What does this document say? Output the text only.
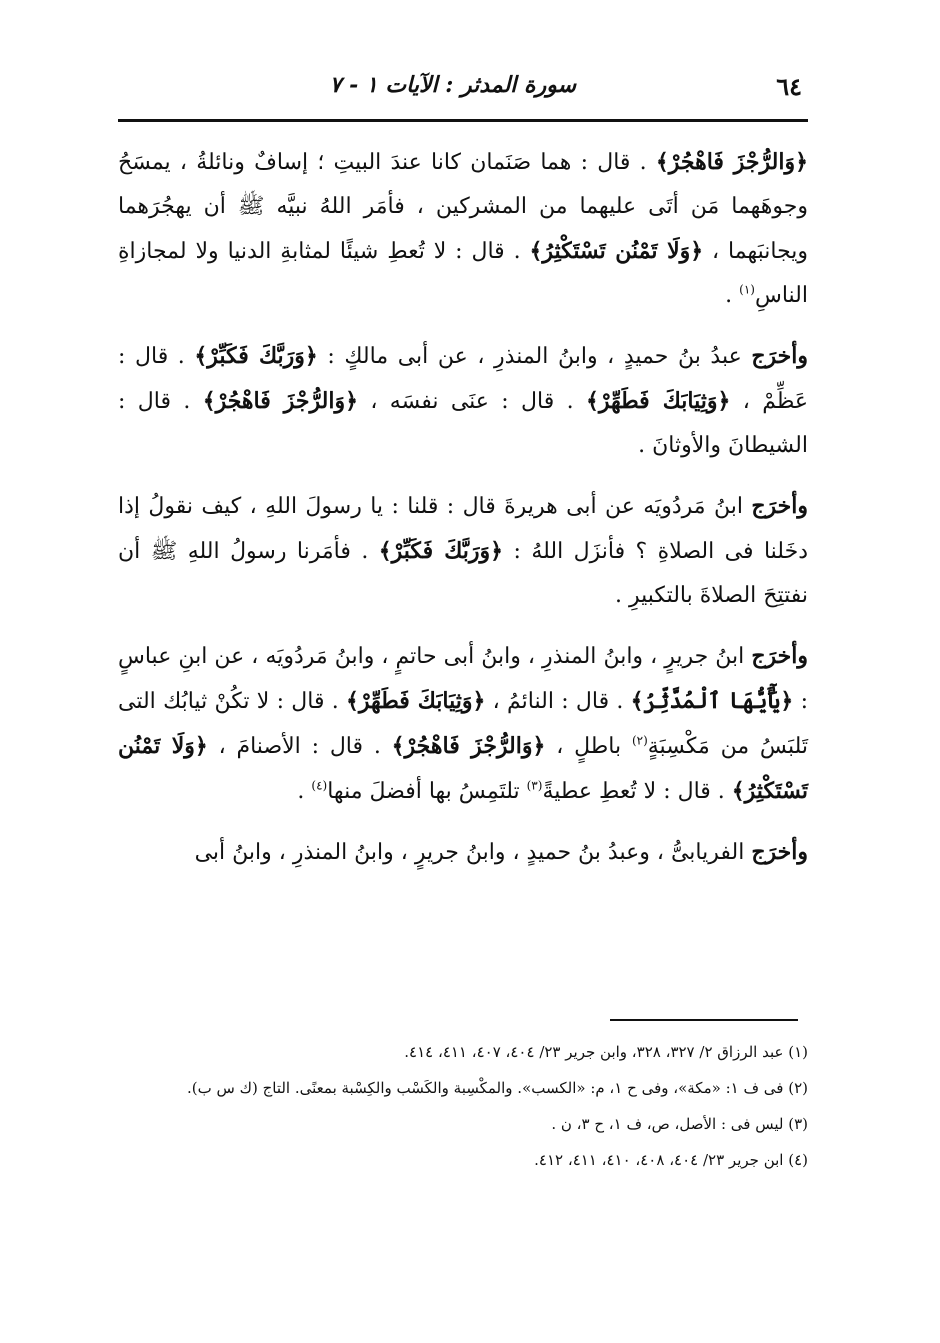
٦٤
سورة المدثر : الآيات ١ - ٧

﴿وَالرُّجْزَ فَاهْجُرْ﴾ . قال : هما صَنَمان كانا عندَ البيتِ ؛ إسافٌ ونائلةُ ، يمسَحُ وجوهَهما مَن أتَى عليهما من المشركين ، فأمَر اللهُ نبيَّه ﷺ أن يهجُرَهما ويجانبَهما ، ﴿وَلَا تَمْنُن تَسْتَكْثِرُ﴾ . قال : لا تُعطِ شيئًا لمثابةِ الدنيا ولا لمجازاةِ الناسِ$^{(١)}$ .

وأخرَج عبدُ بنُ حميدٍ ، وابنُ المنذرِ ، عن أبى مالكٍ : ﴿وَرَبَّكَ فَكَبِّرْ﴾ . قال : عَظِّمْ ، ﴿وَثِيَابَكَ فَطَهِّرْ﴾ . قال : عنَى نفسَه ، ﴿وَالرُّجْزَ فَاهْجُرْ﴾ . قال : الشيطانَ والأوثانَ .

وأخرَج ابنُ مَردُويَه عن أبى هريرةَ قال : قلنا : يا رسولَ اللهِ ، كيف نقولُ إذا دخَلنا فى الصلاةِ ؟ فأنزَل اللهُ : ﴿وَرَبَّكَ فَكَبِّرْ﴾ . فأمَرنا رسولُ اللهِ ﷺ أن نفتتِحَ الصلاةَ بالتكبيرِ .

وأخرَج ابنُ جريرٍ ، وابنُ المنذرِ ، وابنُ أبى حاتمٍ ، وابنُ مَردُويَه ، عن ابنِ عباسٍ : ﴿يَٰٓأَيُّهَا ٱلْمُدَّثِّرُ﴾ . قال : النائمُ ، ﴿وَثِيَابَكَ فَطَهِّرْ﴾ . قال : لا تكُنْ ثيابُك التى تَلبَسُ من مَكْسِبَةٍ$^{(٢)}$ باطلٍ ، ﴿وَالرُّجْزَ فَاهْجُرْ﴾ . قال : الأصنامَ ، ﴿وَلَا تَمْنُن تَسْتَكْثِرُ﴾ . قال : لا تُعطِ عطيةً$^{(٣)}$ تلتَمِسُ بها أفضلَ منها$^{(٤)}$ .

وأخرَج الفريابىُّ ، وعبدُ بنُ حميدٍ ، وابنُ جريرٍ ، وابنُ المنذرِ ، وابنُ أبى

(١) عبد الرزاق ٢/ ٣٢٧، ٣٢٨، وابن جرير ٢٣/ ٤٠٤، ٤٠٧، ٤١١، ٤١٤.

(٢) فى ف ١: «مكة»، وفى ح ١، م: «الكسب». والمكْسِبة والكَسْب والكِسْبة بمعنًى. التاج (ك س ب).

(٣) ليس فى : الأصل، ص، ف ١، ح ٣، ن .

(٤) ابن جرير ٢٣/ ٤٠٤، ٤٠٨، ٤١٠، ٤١١، ٤١٢.
